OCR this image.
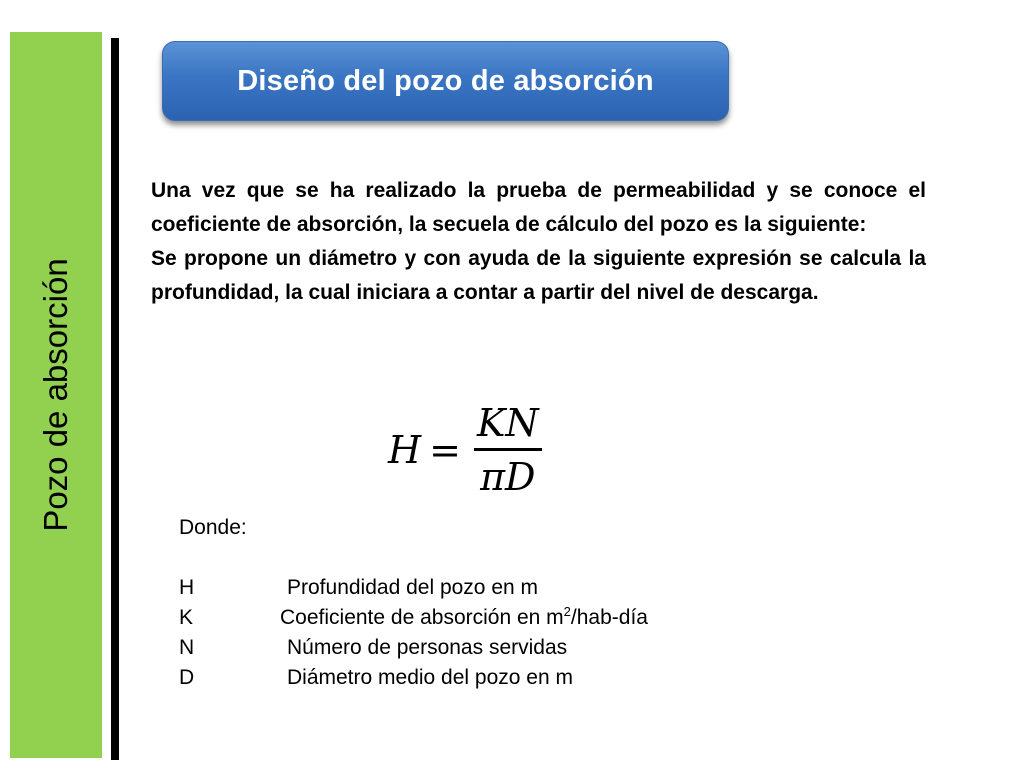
Pozo de absorción
Diseño del pozo de absorción

Una vez que se ha realizado la prueba de permeabilidad y se conoce el coeficiente de absorción, la secuela de cálculo del pozo es la siguiente:

Se propone un diámetro y con ayuda de la siguiente expresión se calcula la profundidad, la cual iniciara a contar a partir del nivel de descarga.

$H = \frac{KN}{\pi D}$
Donde:
H	Profundidad del pozo en m
K	Coeficiente de absorción en $m^2/hab$-día
N	Número de personas servidas
D	Diámetro medio del pozo en m
